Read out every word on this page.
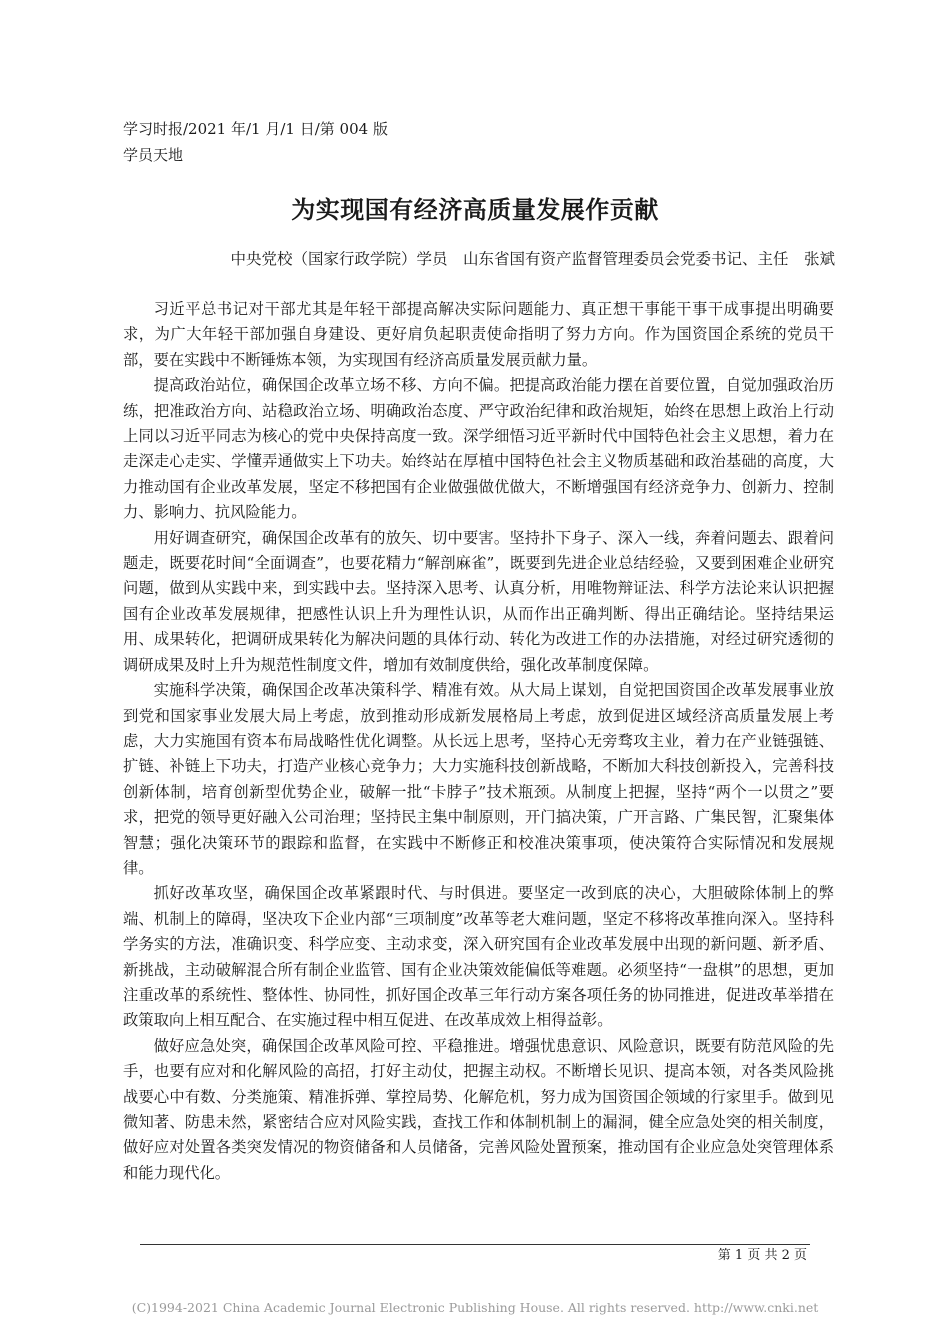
学习时报/2021 年/1 月/1 日/第 004 版
学员天地
为实现国有经济高质量发展作贡献
中央党校（国家行政学院）学员　山东省国有资产监督管理委员会党委书记、主任　张斌

习近平总书记对干部尤其是年轻干部提高解决实际问题能力、真正想干事能干事干成事提出明确要求，为广大年轻干部加强自身建设、更好肩负起职责使命指明了努力方向。作为国资国企系统的党员干部，要在实践中不断锤炼本领，为实现国有经济高质量发展贡献力量。

提高政治站位，确保国企改革立场不移、方向不偏。把提高政治能力摆在首要位置，自觉加强政治历练，把准政治方向、站稳政治立场、明确政治态度、严守政治纪律和政治规矩，始终在思想上政治上行动上同以习近平同志为核心的党中央保持高度一致。深学细悟习近平新时代中国特色社会主义思想，着力在走深走心走实、学懂弄通做实上下功夫。始终站在厚植中国特色社会主义物质基础和政治基础的高度，大力推动国有企业改革发展，坚定不移把国有企业做强做优做大，不断增强国有经济竞争力、创新力、控制力、影响力、抗风险能力。

用好调查研究，确保国企改革有的放矢、切中要害。坚持扑下身子、深入一线，奔着问题去、跟着问题走，既要花时间“全面调查”，也要花精力“解剖麻雀”，既要到先进企业总结经验，又要到困难企业研究问题，做到从实践中来，到实践中去。坚持深入思考、认真分析，用唯物辩证法、科学方法论来认识把握国有企业改革发展规律，把感性认识上升为理性认识，从而作出正确判断、得出正确结论。坚持结果运用、成果转化，把调研成果转化为解决问题的具体行动、转化为改进工作的办法措施，对经过研究透彻的调研成果及时上升为规范性制度文件，增加有效制度供给，强化改革制度保障。

实施科学决策，确保国企改革决策科学、精准有效。从大局上谋划，自觉把国资国企改革发展事业放到党和国家事业发展大局上考虑，放到推动形成新发展格局上考虑，放到促进区域经济高质量发展上考虑，大力实施国有资本布局战略性优化调整。从长远上思考，坚持心无旁骛攻主业，着力在产业链强链、扩链、补链上下功夫，打造产业核心竞争力；大力实施科技创新战略，不断加大科技创新投入，完善科技创新体制，培育创新型优势企业，破解一批“卡脖子”技术瓶颈。从制度上把握，坚持“两个一以贯之”要求，把党的领导更好融入公司治理；坚持民主集中制原则，开门搞决策，广开言路、广集民智，汇聚集体智慧；强化决策环节的跟踪和监督，在实践中不断修正和校准决策事项，使决策符合实际情况和发展规律。

抓好改革攻坚，确保国企改革紧跟时代、与时俱进。要坚定一改到底的决心，大胆破除体制上的弊端、机制上的障碍，坚决攻下企业内部“三项制度”改革等老大难问题，坚定不移将改革推向深入。坚持科学务实的方法，准确识变、科学应变、主动求变，深入研究国有企业改革发展中出现的新问题、新矛盾、新挑战，主动破解混合所有制企业监管、国有企业决策效能偏低等难题。必须坚持“一盘棋”的思想，更加注重改革的系统性、整体性、协同性，抓好国企改革三年行动方案各项任务的协同推进，促进改革举措在政策取向上相互配合、在实施过程中相互促进、在改革成效上相得益彰。

做好应急处突，确保国企改革风险可控、平稳推进。增强忧患意识、风险意识，既要有防范风险的先手，也要有应对和化解风险的高招，打好主动仗，把握主动权。不断增长见识、提高本领，对各类风险挑战要心中有数、分类施策、精准拆弹、掌控局势、化解危机，努力成为国资国企领域的行家里手。做到见微知著、防患未然，紧密结合应对风险实践，查找工作和体制机制上的漏洞，健全应急处突的相关制度，做好应对处置各类突发情况的物资储备和人员储备，完善风险处置预案，推动国有企业应急处突管理体系和能力现代化。

第 1 页 共 2 页
(C)1994-2021 China Academic Journal Electronic Publishing House. All rights reserved. http://www.cnki.net
